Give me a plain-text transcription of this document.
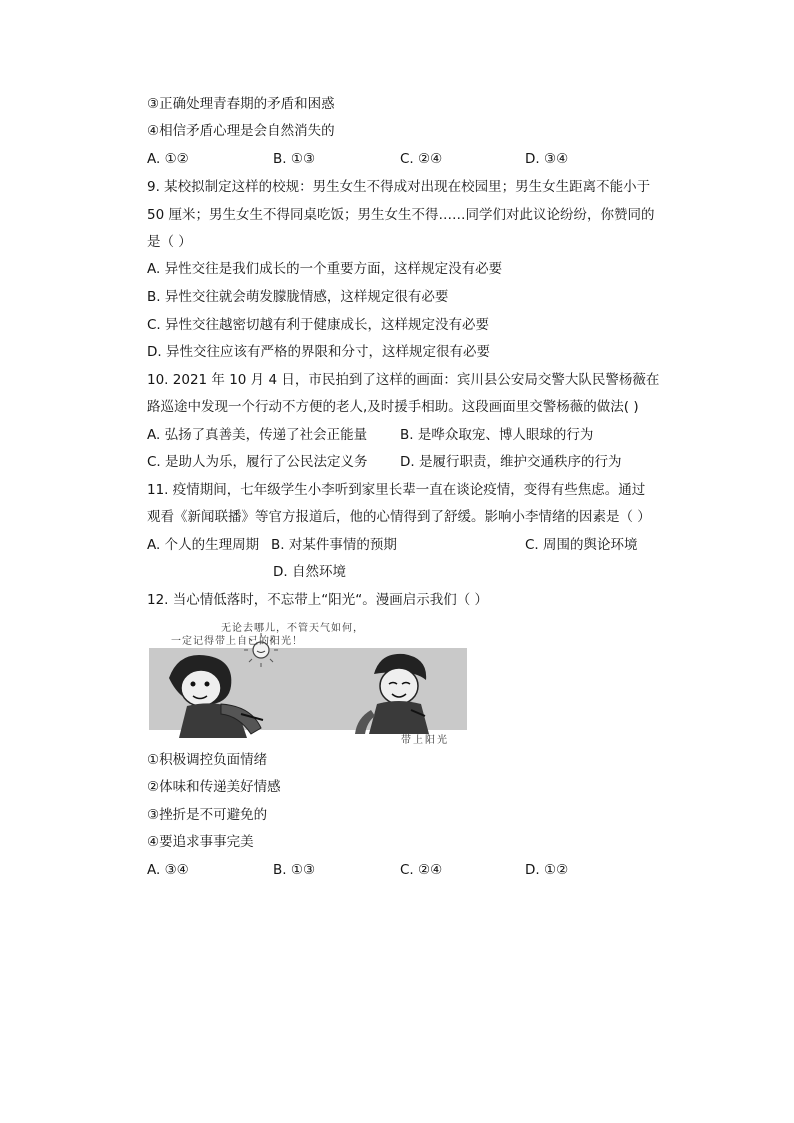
③正确处理青春期的矛盾和困惑
④相信矛盾心理是会自然消失的
A. ①②	B. ①③	C. ②④	D. ③④
9. 某校拟制定这样的校规：男生女生不得成对出现在校园里；男生女生距离不能小于
50 厘米；男生女生不得同桌吃饭；男生女生不得……同学们对此议论纷纷，你赞同的
是（ ）
A. 异性交往是我们成长的一个重要方面，这样规定没有必要
B. 异性交往就会萌发朦胧情感，这样规定很有必要
C. 异性交往越密切越有利于健康成长，这样规定没有必要
D. 异性交往应该有严格的界限和分寸，这样规定很有必要
10. 2021 年 10 月 4 日，市民拍到了这样的画面：宾川县公安局交警大队民警杨薇在
路巡途中发现一个行动不方便的老人,及时援手相助。这段画面里交警杨薇的做法( )
A. 弘扬了真善美，传递了社会正能量 B. 是哗众取宠、博人眼球的行为
C. 是助人为乐，履行了公民法定义务 D. 是履行职责，维护交通秩序的行为
11. 疫情期间，七年级学生小李听到家里长辈一直在谈论疫情，变得有些焦虑。通过
观看《新闻联播》等官方报道后，他的心情得到了舒缓。影响小李情绪的因素是（ ）
A. 个人的生理周期 B. 对某件事情的预期	C. 周围的舆论环境
D. 自然环境
12. 当心情低落时，不忘带上“阳光“。漫画启示我们（ ）
无论去哪儿，不管天气如何，
一定记得带上自己的阳光！
带上阳光
①积极调控负面情绪
②体味和传递美好情感
③挫折是不可避免的
④要追求事事完美
A. ③④	B. ①③	C. ②④	D. ①②
